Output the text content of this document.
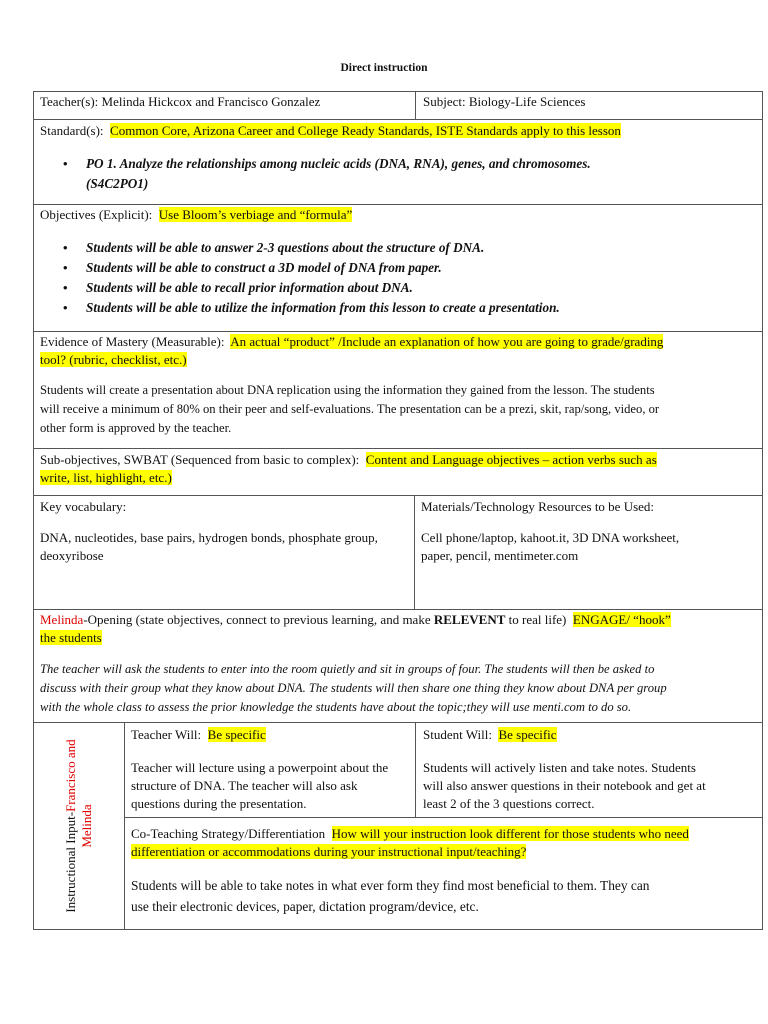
Direct instruction
Teacher(s): Melinda Hickcox and Francisco Gonzalez	Subject: Biology-Life Sciences
Standard(s): Common Core, Arizona Career and College Ready Standards, ISTE Standards apply to this lesson
• PO 1. Analyze the relationships among nucleic acids (DNA, RNA), genes, and chromosomes.
(S4C2PO1)
Objectives (Explicit): Use Bloom’s verbiage and “formula”
• Students will be able to answer 2-3 questions about the structure of DNA.
• Students will be able to construct a 3D model of DNA from paper.
• Students will be able to recall prior information about DNA.
• Students will be able to utilize the information from this lesson to create a presentation.
Evidence of Mastery (Measurable): An actual “product” /Include an explanation of how you are going to grade/grading
tool? (rubric, checklist, etc.)
Students will create a presentation about DNA replication using the information they gained from the lesson. The students
will receive a minimum of 80% on their peer and self-evaluations. The presentation can be a prezi, skit, rap/song, video, or
other form is approved by the teacher.
Sub-objectives, SWBAT (Sequenced from basic to complex): Content and Language objectives – action verbs such as
write, list, highlight, etc.)
Key vocabulary:
DNA, nucleotides, base pairs, hydrogen bonds, phosphate group,
deoxyribose
Materials/Technology Resources to be Used:
Cell phone/laptop, kahoot.it, 3D DNA worksheet,
paper, pencil, mentimeter.com
Melinda-Opening (state objectives, connect to previous learning, and make RELEVENT to real life) ENGAGE/ “hook”
the students
The teacher will ask the students to enter into the room quietly and sit in groups of four. The students will then be asked to
discuss with their group what they know about DNA. The students will then share one thing they know about DNA per group
with the whole class to assess the prior knowledge the students have about the topic;they will use menti.com to do so.
Instructional Input-Francisco and
Melinda
Teacher Will: Be specific
Teacher will lecture using a powerpoint about the
structure of DNA. The teacher will also ask
questions during the presentation.
Student Will: Be specific
Students will actively listen and take notes. Students
will also answer questions in their notebook and get at
least 2 of the 3 questions correct.
Co-Teaching Strategy/Differentiation How will your instruction look different for those students who need
differentiation or accommodations during your instructional input/teaching?
Students will be able to take notes in what ever form they find most beneficial to them. They can
use their electronic devices, paper, dictation program/device, etc.
